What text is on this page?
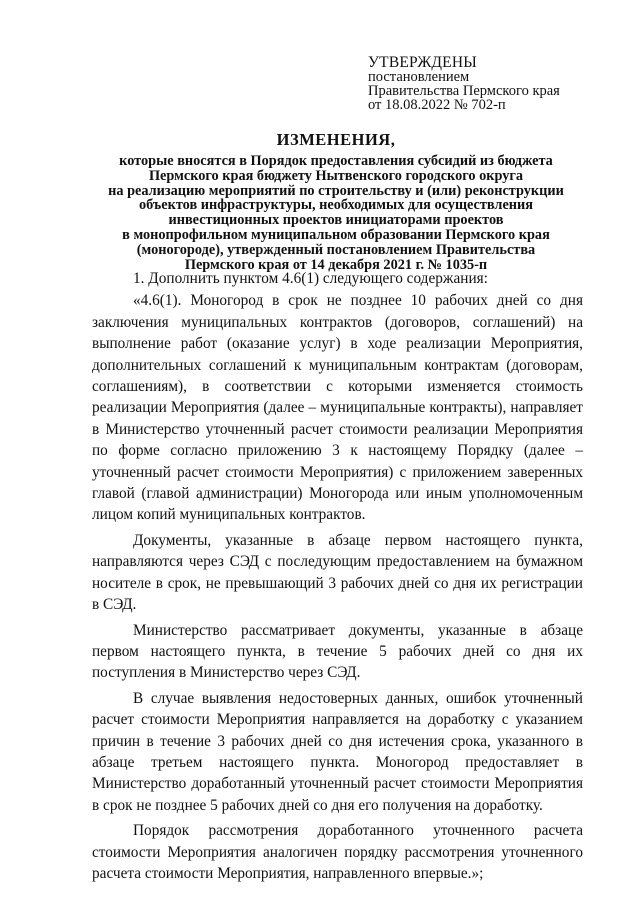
УТВЕРЖДЕНЫ
постановлением
Правительства Пермского края
от 18.08.2022 № 702-п
ИЗМЕНЕНИЯ,
которые вносятся в Порядок предоставления субсидий из бюджета
Пермского края бюджету Нытвенского городского округа
на реализацию мероприятий по строительству и (или) реконструкции
объектов инфраструктуры, необходимых для осуществления
инвестиционных проектов инициаторами проектов
в монопрофильном муниципальном образовании Пермского края
(моногороде), утвержденный постановлением Правительства
Пермского края от 14 декабря 2021 г. № 1035-п

1. Дополнить пунктом 4.6(1) следующего содержания:

«4.6(1). Моногород в срок не позднее 10 рабочих дней со дня заключения муниципальных контрактов (договоров, соглашений) на выполнение работ (оказание услуг) в ходе реализации Мероприятия, дополнительных соглашений к муниципальным контрактам (договорам, соглашениям), в соответствии с которыми изменяется стоимость реализации Мероприятия (далее – муниципальные контракты), направляет в Министерство уточненный расчет стоимости реализации Мероприятия по форме согласно приложению 3 к настоящему Порядку (далее – уточненный расчет стоимости Мероприятия) с приложением заверенных главой (главой администрации) Моногорода или иным уполномоченным лицом копий муниципальных контрактов.

Документы, указанные в абзаце первом настоящего пункта, направляются через СЭД с последующим предоставлением на бумажном носителе в срок, не превышающий 3 рабочих дней со дня их регистрации в СЭД.

Министерство рассматривает документы, указанные в абзаце первом настоящего пункта, в течение 5 рабочих дней со дня их поступления в Министерство через СЭД.

В случае выявления недостоверных данных, ошибок уточненный расчет стоимости Мероприятия направляется на доработку с указанием причин в течение 3 рабочих дней со дня истечения срока, указанного в абзаце третьем настоящего пункта. Моногород предоставляет в Министерство доработанный уточненный расчет стоимости Мероприятия в срок не позднее 5 рабочих дней со дня его получения на доработку.

Порядок рассмотрения доработанного уточненного расчета стоимости Мероприятия аналогичен порядку рассмотрения уточненного расчета стоимости Мероприятия, направленного впервые.»;
